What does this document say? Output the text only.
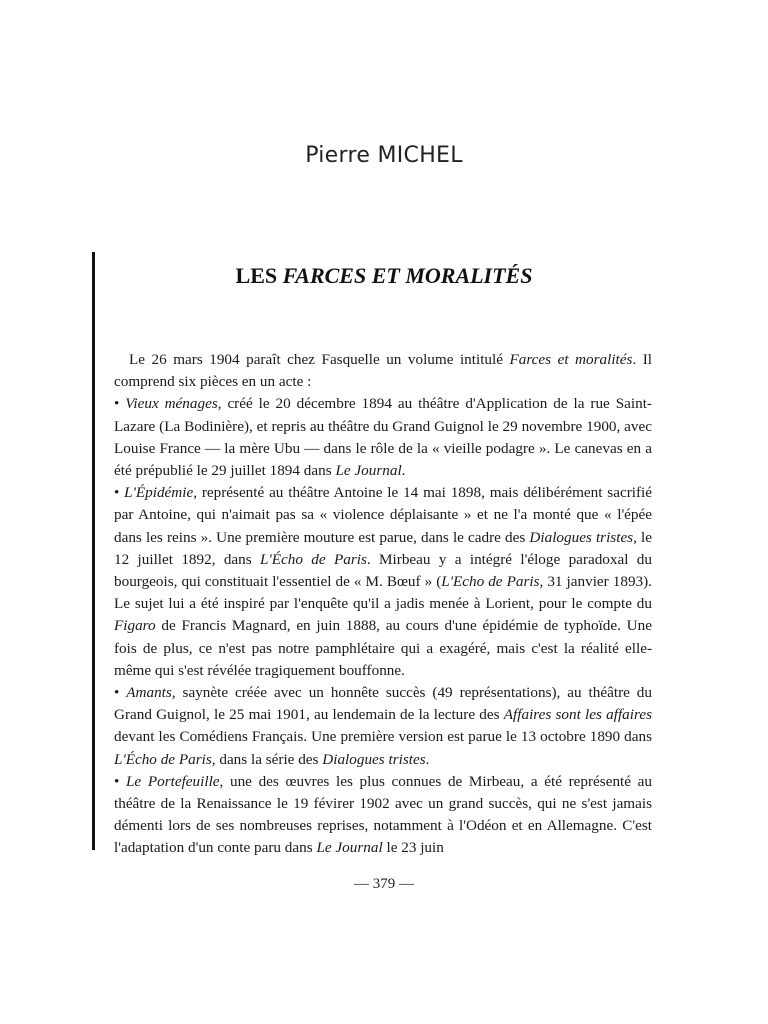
Pierre MICHEL
LES FARCES ET MORALITÉS

Le 26 mars 1904 paraît chez Fasquelle un volume intitulé Farces et moralités. Il comprend six pièces en un acte :

• Vieux ménages, créé le 20 décembre 1894 au théâtre d'Application de la rue Saint-Lazare (La Bodinière), et repris au théâtre du Grand Guignol le 29 novembre 1900, avec Louise France — la mère Ubu — dans le rôle de la « vieille podagre ». Le canevas en a été prépublié le 29 juillet 1894 dans Le Journal.

• L'Épidémie, représenté au théâtre Antoine le 14 mai 1898, mais délibérément sacrifié par Antoine, qui n'aimait pas sa « violence déplaisante » et ne l'a monté que « l'épée dans les reins ». Une première mouture est parue, dans le cadre des Dialogues tristes, le 12 juillet 1892, dans L'Écho de Paris. Mirbeau y a intégré l'éloge paradoxal du bourgeois, qui constituait l'essentiel de « M. Bœuf » (L'Echo de Paris, 31 janvier 1893). Le sujet lui a été inspiré par l'enquête qu'il a jadis menée à Lorient, pour le compte du Figaro de Francis Magnard, en juin 1888, au cours d'une épidémie de typhoïde. Une fois de plus, ce n'est pas notre pamphlétaire qui a exagéré, mais c'est la réalité elle-même qui s'est révélée tragiquement bouffonne.

• Amants, saynète créée avec un honnête succès (49 représentations), au théâtre du Grand Guignol, le 25 mai 1901, au lendemain de la lecture des Affaires sont les affaires devant les Comédiens Français. Une première version est parue le 13 octobre 1890 dans L'Écho de Paris, dans la série des Dialogues tristes.

• Le Portefeuille, une des œuvres les plus connues de Mirbeau, a été représenté au théâtre de la Renaissance le 19 févirer 1902 avec un grand succès, qui ne s'est jamais démenti lors de ses nombreuses reprises, notamment à l'Odéon et en Allemagne. C'est l'adaptation d'un conte paru dans Le Journal le 23 juin

— 379 —
